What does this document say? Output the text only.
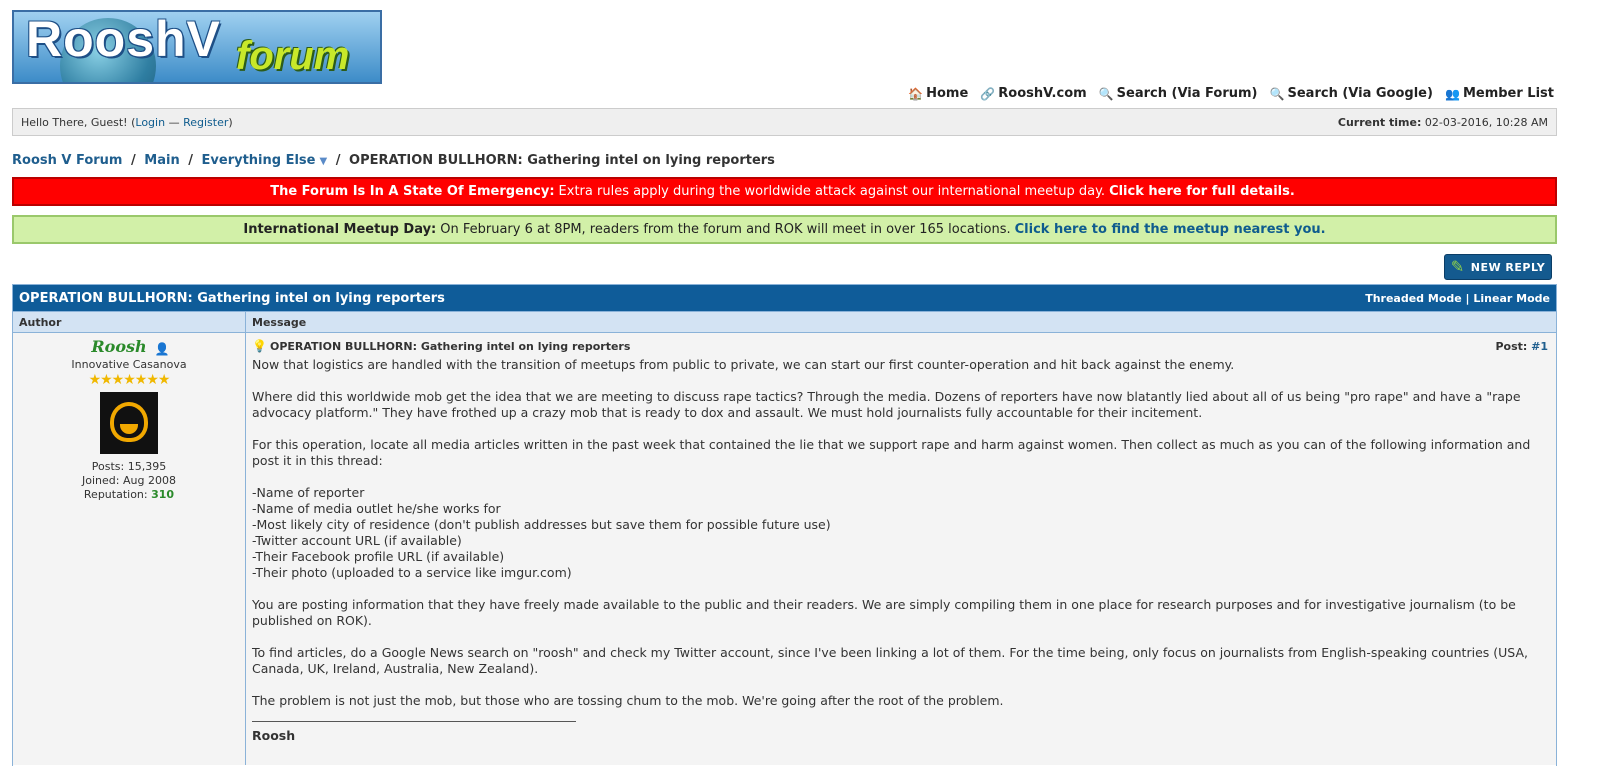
RooshV forum
🏠 Home 🔗 RooshV.com 🔍 Search (Via Forum) 🔍 Search (Via Google) 👥 Member List
Hello There, Guest! (Login — Register)	Current time: 02-03-2016, 10:28 AM
Roosh V Forum / Main / Everything Else ▼ / OPERATION BULLHORN: Gathering intel on lying reporters
The Forum Is In A State Of Emergency: Extra rules apply during the worldwide attack against our international meetup day. Click here for full details.
International Meetup Day: On February 6 at 8PM, readers from the forum and ROK will meet in over 165 locations. Click here to find the meetup nearest you.
✎ NEW REPLY
OPERATION BULLHORN: Gathering intel on lying reporters	Threaded Mode | Linear Mode
Author	Message
Roosh 👤
Innovative Casanova
★★★★★★★
Posts: 15,395
Joined: Aug 2008
Reputation: 310
💡 OPERATION BULLHORN: Gathering intel on lying reporters	Post: #1

Now that logistics are handled with the transition of meetups from public to private, we can start our first counter-operation and hit back against the enemy.

Where did this worldwide mob get the idea that we are meeting to discuss rape tactics? Through the media. Dozens of reporters have now blatantly lied about all of us being "pro rape" and have a "rape advocacy platform." They have frothed up a crazy mob that is ready to dox and assault. We must hold journalists fully accountable for their incitement.

For this operation, locate all media articles written in the past week that contained the lie that we support rape and harm against women. Then collect as much as you can of the following information and post it in this thread:

-Name of reporter
-Name of media outlet he/she works for
-Most likely city of residence (don't publish addresses but save them for possible future use)
-Twitter account URL (if available)
-Their Facebook profile URL (if available)
-Their photo (uploaded to a service like imgur.com)

You are posting information that they have freely made available to the public and their readers. We are simply compiling them in one place for research purposes and for investigative journalism (to be published on ROK).

To find articles, do a Google News search on "roosh" and check my Twitter account, since I've been linking a lot of them. For the time being, only focus on journalists from English-speaking countries (USA, Canada, UK, Ireland, Australia, New Zealand).

The problem is not just the mob, but those who are tossing chum to the mob. We're going after the root of the problem.

Roosh
